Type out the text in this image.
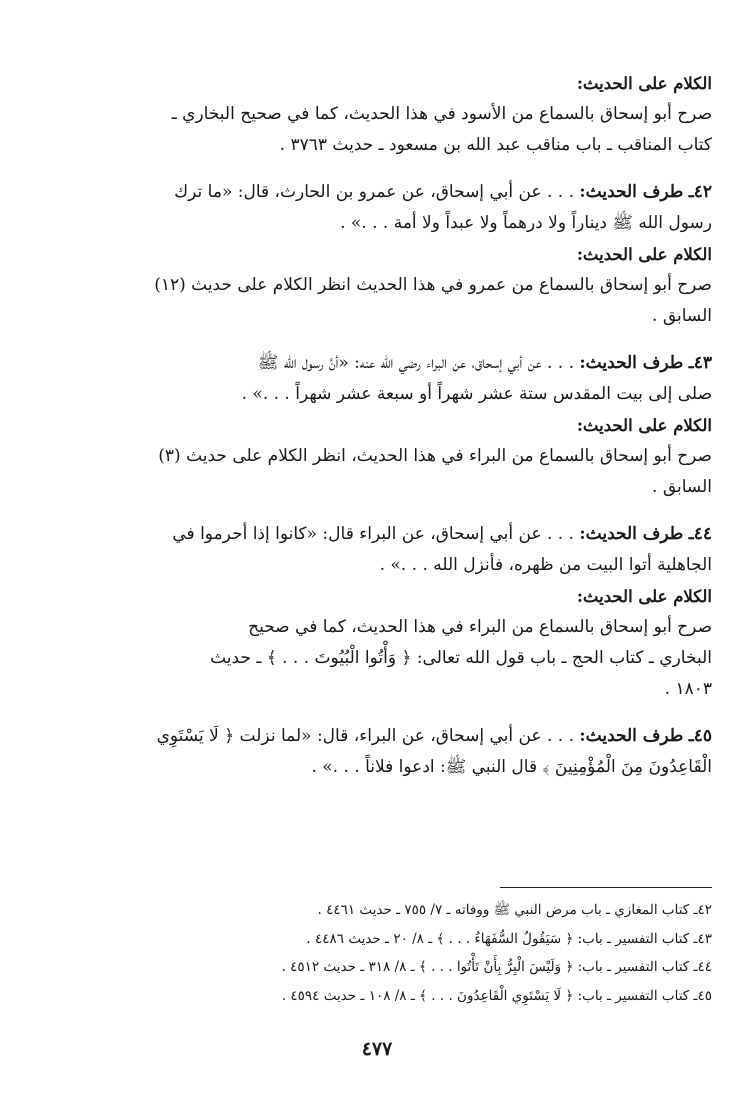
الكلام على الحديث:

صرح أبو إسحاق بالسماع من الأسود في هذا الحديث، كما في صحيح البخاري ـ

كتاب المناقب ـ باب مناقب عبد الله بن مسعود ـ حديث ٣٧٦٣ .

٤٢ـ طرف الحديث: . . . عن أبي إسحاق، عن عمرو بن الحارث، قال: «ما ترك

رسول الله ﷺ ديناراً ولا درهماً ولا عبداً ولا أمة . . .» .

الكلام على الحديث:

صرح أبو إسحاق بالسماع من عمرو في هذا الحديث انظر الكلام على حديث (١٢)

السابق .

٤٣ـ طرف الحديث: . . . عن أبي إسحاق، عن البراء رضي الله عنه: «أنَّ رسول الله ﷺ

صلى إلى بيت المقدس ستة عشر شهراً أو سبعة عشر شهراً . . .» .

الكلام على الحديث:

صرح أبو إسحاق بالسماع من البراء في هذا الحديث، انظر الكلام على حديث (٣)

السابق .

٤٤ـ طرف الحديث: . . . عن أبي إسحاق، عن البراء قال: «كانوا إذا أحرموا في

الجاهلية أتوا البيت من ظهره، فأنزل الله . . .» .

الكلام على الحديث:

صرح أبو إسحاق بالسماع من البراء في هذا الحديث، كما في صحيح

البخاري ـ كتاب الحج ـ باب قول الله تعالى: ﴿ وَأْتُوا الْبُيُوتَ . . . ﴾ ـ حديث

١٨٠٣ .

٤٥ـ طرف الحديث: . . . عن أبي إسحاق، عن البراء، قال: «لما نزلت ﴿ لَا يَسْتَوِي

الْقَاعِدُونَ مِنَ الْمُؤْمِنِينَ ﴾ قال النبي ﷺ: ادعوا فلاناً . . .» .

٤٢ـ كتاب المغازي ـ باب مرض النبي ﷺ ووفاته ـ ٧/ ٧٥٥ ـ حديث ٤٤٦١ .

٤٣ـ كتاب التفسير ـ باب: ﴿ سَيَقُولُ السُّفَهَاءُ . . . ﴾ ـ ٨/ ٢٠ ـ حديث ٤٤٨٦ .

٤٤ـ كتاب التفسير ـ باب: ﴿ وَلَيْسَ الْبِرُّ بِأَنْ تَأْتُوا . . . ﴾ ـ ٨/ ٣١٨ ـ حديث ٤٥١٢ .

٤٥ـ كتاب التفسير ـ باب: ﴿ لَا يَسْتَوِي الْقَاعِدُونَ . . . ﴾ ـ ٨/ ١٠٨ ـ حديث ٤٥٩٤ .

٤٧٧
